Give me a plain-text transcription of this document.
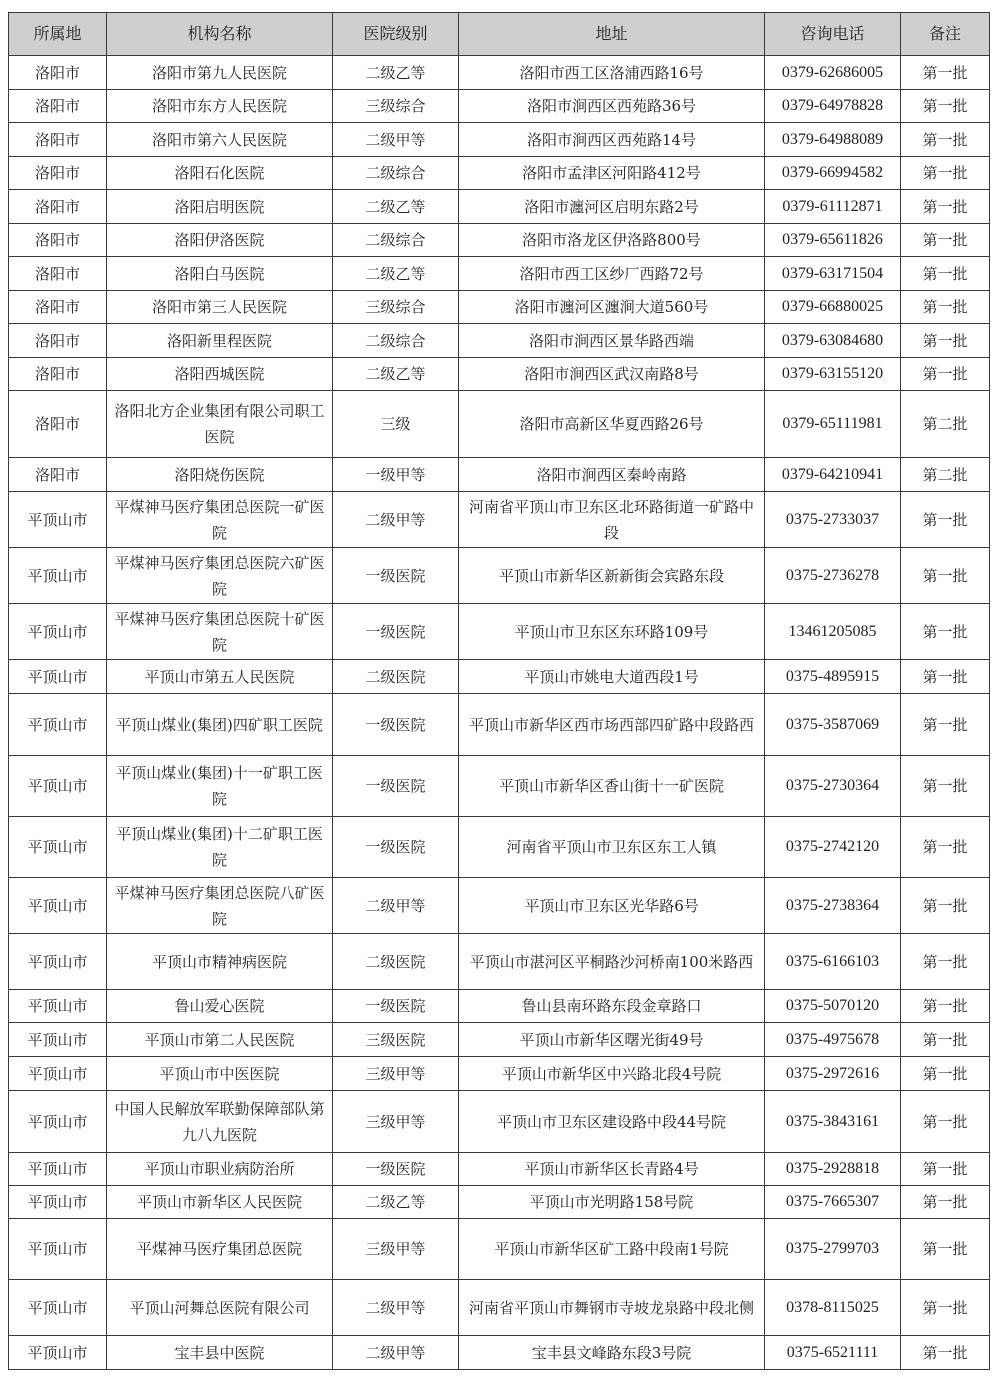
所属地	机构名称	医院级别	地址	咨询电话	备注
洛阳市	洛阳市第九人民医院	二级乙等	洛阳市西工区洛浦西路16号	0379-62686005	第一批
洛阳市	洛阳市东方人民医院	三级综合	洛阳市涧西区西苑路36号	0379-64978828	第一批
洛阳市	洛阳市第六人民医院	二级甲等	洛阳市涧西区西苑路14号	0379-64988089	第一批
洛阳市	洛阳石化医院	二级综合	洛阳市孟津区河阳路412号	0379-66994582	第一批
洛阳市	洛阳启明医院	二级乙等	洛阳市瀍河区启明东路2号	0379-61112871	第一批
洛阳市	洛阳伊洛医院	二级综合	洛阳市洛龙区伊洛路800号	0379-65611826	第一批
洛阳市	洛阳白马医院	二级乙等	洛阳市西工区纱厂西路72号	0379-63171504	第一批
洛阳市	洛阳市第三人民医院	三级综合	洛阳市瀍河区瀍涧大道560号	0379-66880025	第一批
洛阳市	洛阳新里程医院	二级综合	洛阳市涧西区景华路西端	0379-63084680	第一批
洛阳市	洛阳西城医院	二级乙等	洛阳市涧西区武汉南路8号	0379-63155120	第一批
洛阳市	洛阳北方企业集团有限公司职工医院	三级	洛阳市高新区华夏西路26号	0379-65111981	第二批
洛阳市	洛阳烧伤医院	一级甲等	洛阳市涧西区秦岭南路	0379-64210941	第二批
平顶山市	平煤神马医疗集团总医院一矿医院	二级甲等	河南省平顶山市卫东区北环路街道一矿路中段	0375-2733037	第一批
平顶山市	平煤神马医疗集团总医院六矿医院	一级医院	平顶山市新华区新新街会宾路东段	0375-2736278	第一批
平顶山市	平煤神马医疗集团总医院十矿医院	一级医院	平顶山市卫东区东环路109号	13461205085	第一批
平顶山市	平顶山市第五人民医院	二级医院	平顶山市姚电大道西段1号	0375-4895915	第一批
平顶山市	平顶山煤业(集团)四矿职工医院	一级医院	平顶山市新华区西市场西部四矿路中段路西	0375-3587069	第一批
平顶山市	平顶山煤业(集团)十一矿职工医院	一级医院	平顶山市新华区香山街十一矿医院	0375-2730364	第一批
平顶山市	平顶山煤业(集团)十二矿职工医院	一级医院	河南省平顶山市卫东区东工人镇	0375-2742120	第一批
平顶山市	平煤神马医疗集团总医院八矿医院	二级甲等	平顶山市卫东区光华路6号	0375-2738364	第一批
平顶山市	平顶山市精神病医院	二级医院	平顶山市湛河区平桐路沙河桥南100米路西	0375-6166103	第一批
平顶山市	鲁山爱心医院	一级医院	鲁山县南环路东段金章路口	0375-5070120	第一批
平顶山市	平顶山市第二人民医院	三级医院	平顶山市新华区曙光街49号	0375-4975678	第一批
平顶山市	平顶山市中医医院	三级甲等	平顶山市新华区中兴路北段4号院	0375-2972616	第一批
平顶山市	中国人民解放军联勤保障部队第九八九医院	三级甲等	平顶山市卫东区建设路中段44号院	0375-3843161	第一批
平顶山市	平顶山市职业病防治所	一级医院	平顶山市新华区长青路4号	0375-2928818	第一批
平顶山市	平顶山市新华区人民医院	二级乙等	平顶山市光明路158号院	0375-7665307	第一批
平顶山市	平煤神马医疗集团总医院	三级甲等	平顶山市新华区矿工路中段南1号院	0375-2799703	第一批
平顶山市	平顶山河舞总医院有限公司	二级甲等	河南省平顶山市舞钢市寺坡龙泉路中段北侧	0378-8115025	第一批
平顶山市	宝丰县中医院	二级甲等	宝丰县文峰路东段3号院	0375-6521111	第一批
